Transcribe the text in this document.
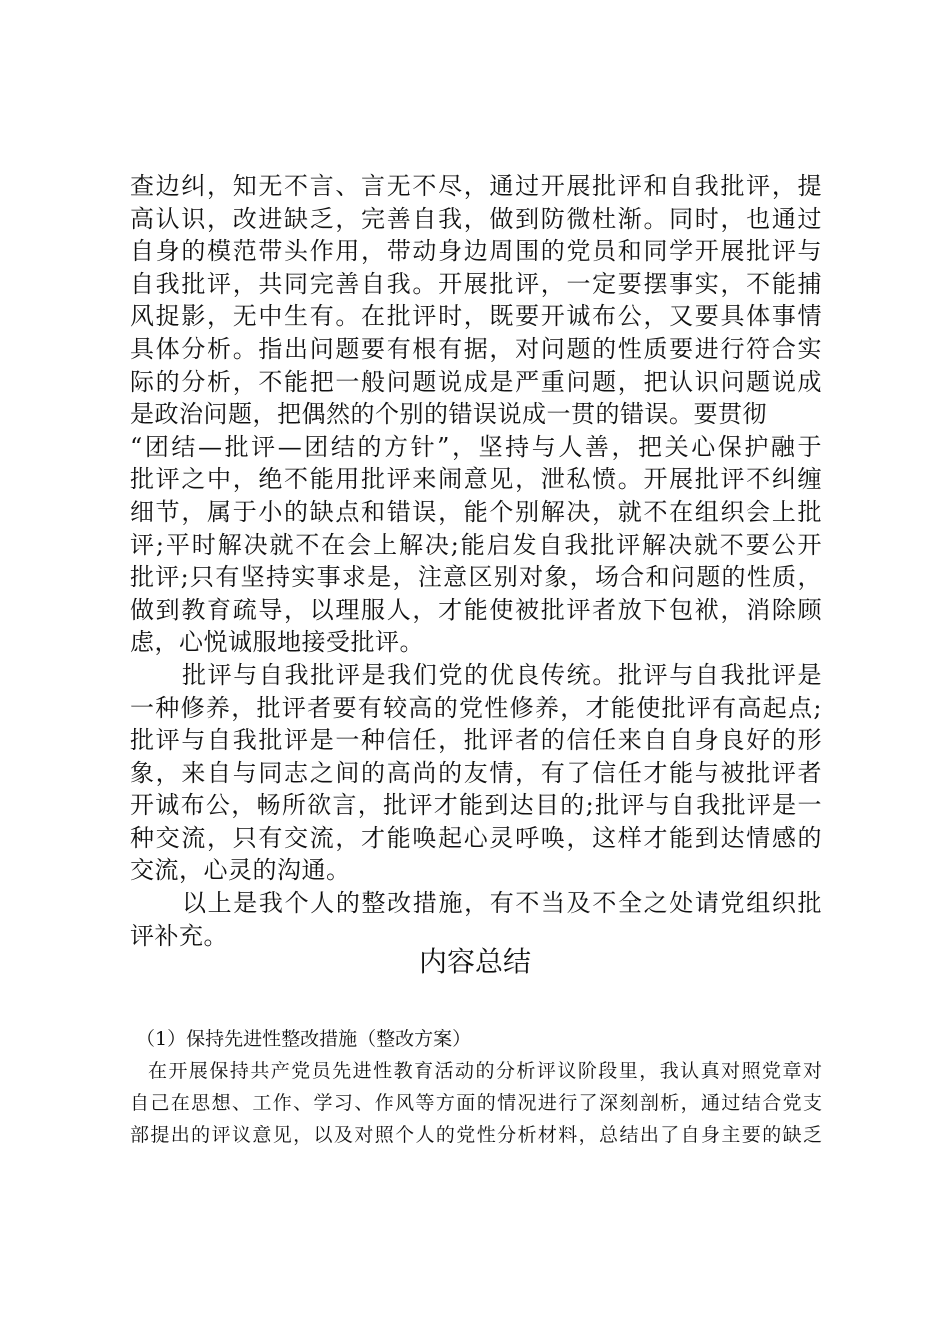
查边纠，知无不言、言无不尽，通过开展批评和自我批评，提
高认识，改进缺乏，完善自我，做到防微杜渐。同时，也通过
自身的模范带头作用，带动身边周围的党员和同学开展批评与
自我批评，共同完善自我。开展批评，一定要摆事实，不能捕
风捉影，无中生有。在批评时，既要开诚布公，又要具体事情
具体分析。指出问题要有根有据，对问题的性质要进行符合实
际的分析，不能把一般问题说成是严重问题，把认识问题说成
是政治问题，把偶然的个别的错误说成一贯的错误。要贯彻
“团结—批评—团结的方针”，坚持与人善，把关心保护融于
批评之中，绝不能用批评来闹意见，泄私愤。开展批评不纠缠
细节，属于小的缺点和错误，能个别解决，就不在组织会上批
评;平时解决就不在会上解决;能启发自我批评解决就不要公开
批评;只有坚持实事求是，注意区别对象，场合和问题的性质，
做到教育疏导，以理服人，才能使被批评者放下包袱，消除顾
虑，心悦诚服地接受批评。
批评与自我批评是我们党的优良传统。批评与自我批评是
一种修养，批评者要有较高的党性修养，才能使批评有高起点;
批评与自我批评是一种信任，批评者的信任来自自身良好的形
象，来自与同志之间的高尚的友情，有了信任才能与被批评者
开诚布公，畅所欲言，批评才能到达目的;批评与自我批评是一
种交流，只有交流，才能唤起心灵呼唤，这样才能到达情感的
交流，心灵的沟通。
以上是我个人的整改措施，有不当及不全之处请党组织批
评补充。
内容总结
（1）保持先进性整改措施（整改方案）
在开展保持共产党员先进性教育活动的分析评议阶段里，我认真对照党章对
自己在思想、工作、学习、作风等方面的情况进行了深刻剖析，通过结合党支
部提出的评议意见，以及对照个人的党性分析材料，总结出了自身主要的缺乏
